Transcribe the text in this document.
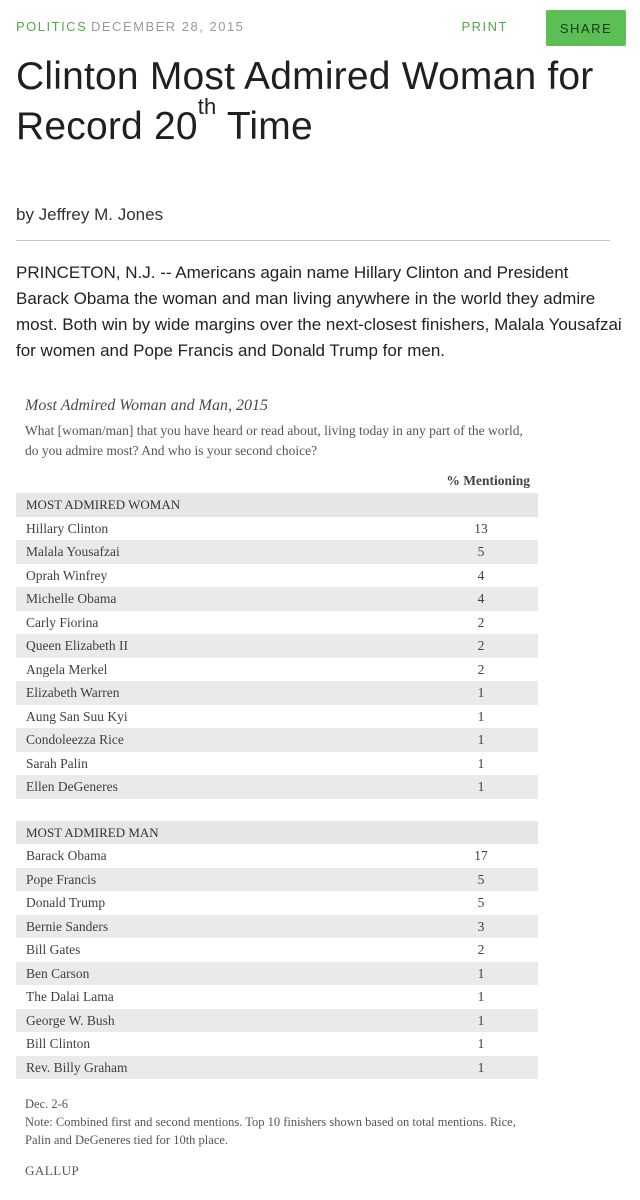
POLITICS DECEMBER 28, 2015	PRINT	SHARE
Clinton Most Admired Woman for Record 20th Time
by Jeffrey M. Jones

PRINCETON, N.J. -- Americans again name Hillary Clinton and President Barack Obama the woman and man living anywhere in the world they admire most. Both win by wide margins over the next-closest finishers, Malala Yousafzai for women and Pope Francis and Donald Trump for men.

Most Admired Woman and Man, 2015
What [woman/man] that you have heard or read about, living today in any part of the world, do you admire most? And who is your second choice?
% Mentioning
MOST ADMIRED WOMAN
Hillary Clinton	13
Malala Yousafzai	5
Oprah Winfrey	4
Michelle Obama	4
Carly Fiorina	2
Queen Elizabeth II	2
Angela Merkel	2
Elizabeth Warren	1
Aung San Suu Kyi	1
Condoleezza Rice	1
Sarah Palin	1
Ellen DeGeneres	1
MOST ADMIRED MAN
Barack Obama	17
Pope Francis	5
Donald Trump	5
Bernie Sanders	3
Bill Gates	2
Ben Carson	1
The Dalai Lama	1
George W. Bush	1
Bill Clinton	1
Rev. Billy Graham	1
Dec. 2-6
Note: Combined first and second mentions. Top 10 finishers shown based on total mentions. Rice, Palin and DeGeneres tied for 10th place.
GALLUP
